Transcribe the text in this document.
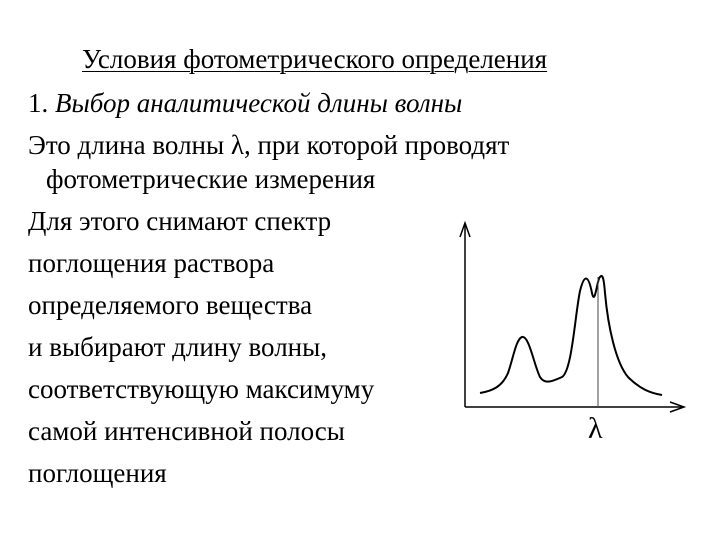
Условия фотометрического определения
1. Выбор аналитической длины волны
Это длина волны λ, при которой проводят
фотометрические измерения
Для этого снимают спектр
поглощения раствора
определяемого вещества
и выбирают длину волны,
соответствующую максимуму
самой интенсивной полосы
поглощения
λ
